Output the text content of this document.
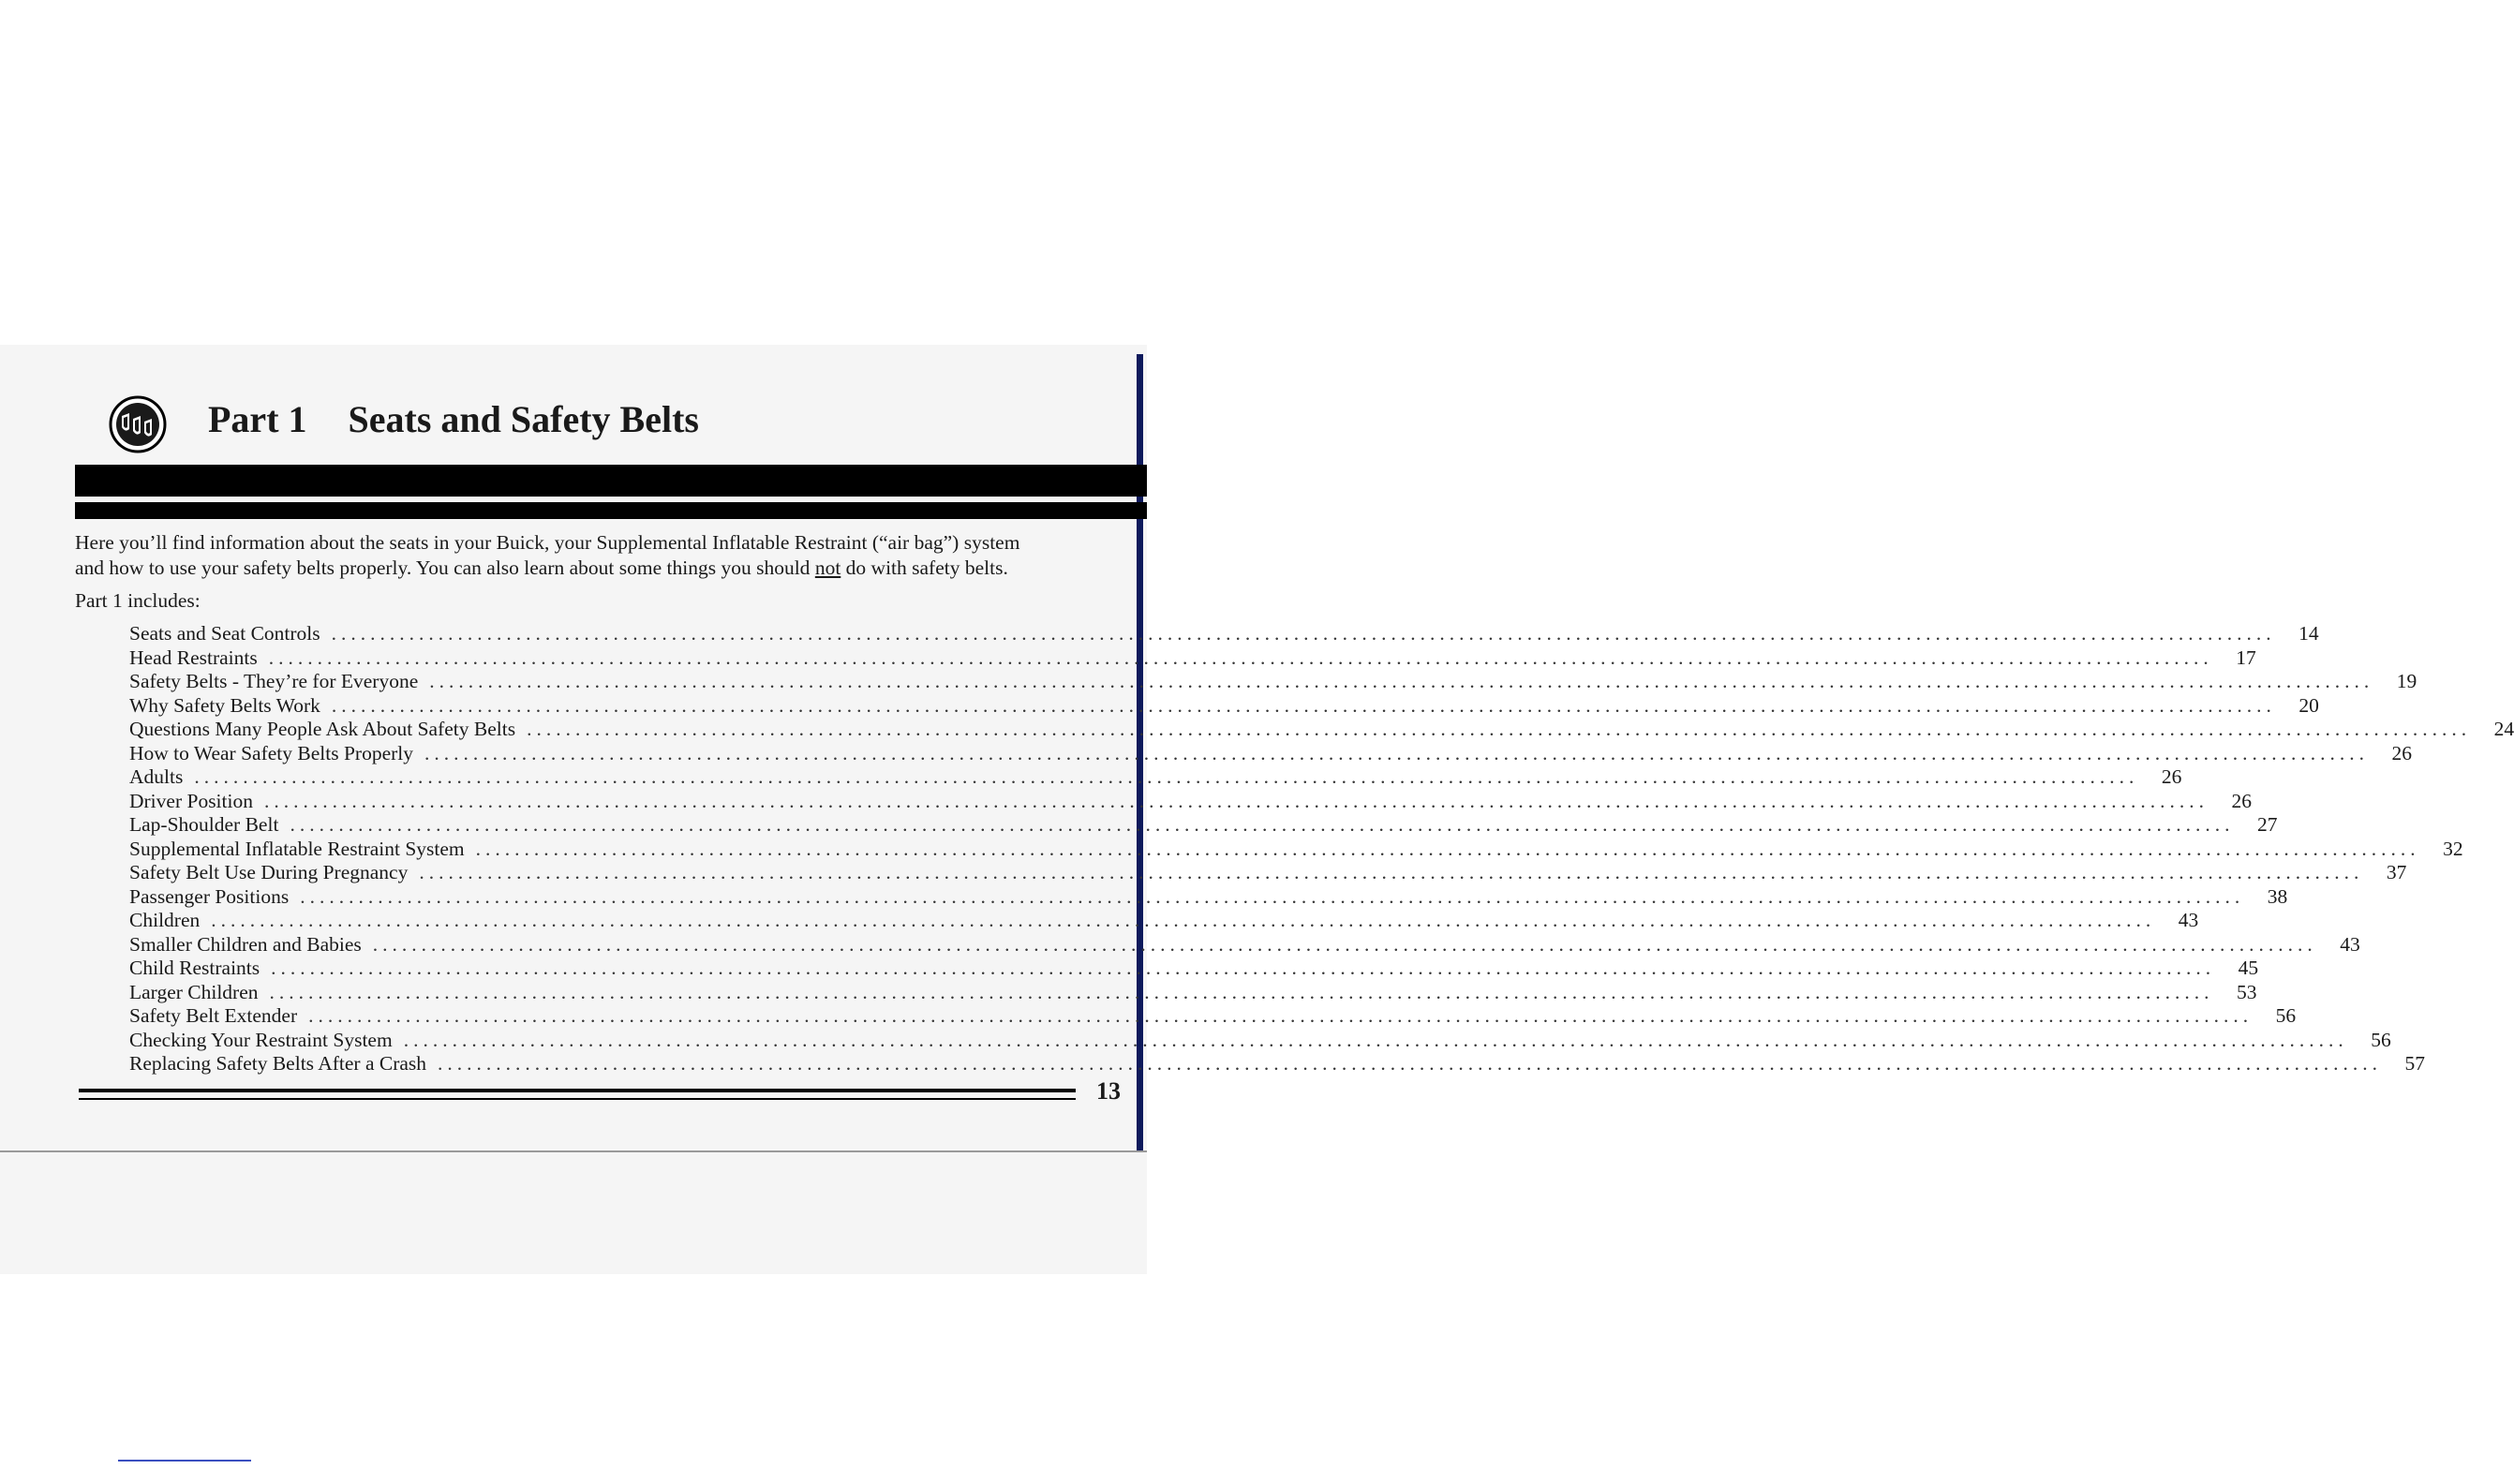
Part 1 Seats and Safety Belts

Here you’ll find information about the seats in your Buick, your Supplemental Inflatable Restraint (“air bag”) system
and how to use your safety belts properly. You can also learn about some things you should not do with safety belts.

Part 1 includes:

Seats and Seat Controls ........................................................................................................................................................................................................	14
Head Restraints ........................................................................................................................................................................................................	17
Safety Belts - They’re for Everyone ........................................................................................................................................................................................................	19
Why Safety Belts Work ........................................................................................................................................................................................................	20
Questions Many People Ask About Safety Belts ........................................................................................................................................................................................................	24
How to Wear Safety Belts Properly ........................................................................................................................................................................................................	26
Adults ........................................................................................................................................................................................................	26
Driver Position ........................................................................................................................................................................................................	26
Lap-Shoulder Belt ........................................................................................................................................................................................................	27
Supplemental Inflatable Restraint System ........................................................................................................................................................................................................	32
Safety Belt Use During Pregnancy ........................................................................................................................................................................................................	37
Passenger Positions ........................................................................................................................................................................................................	38
Children ........................................................................................................................................................................................................	43
Smaller Children and Babies ........................................................................................................................................................................................................	43
Child Restraints ........................................................................................................................................................................................................	45
Larger Children ........................................................................................................................................................................................................	53
Safety Belt Extender ........................................................................................................................................................................................................	56
Checking Your Restraint System ........................................................................................................................................................................................................	56
Replacing Safety Belts After a Crash ........................................................................................................................................................................................................	57

13
